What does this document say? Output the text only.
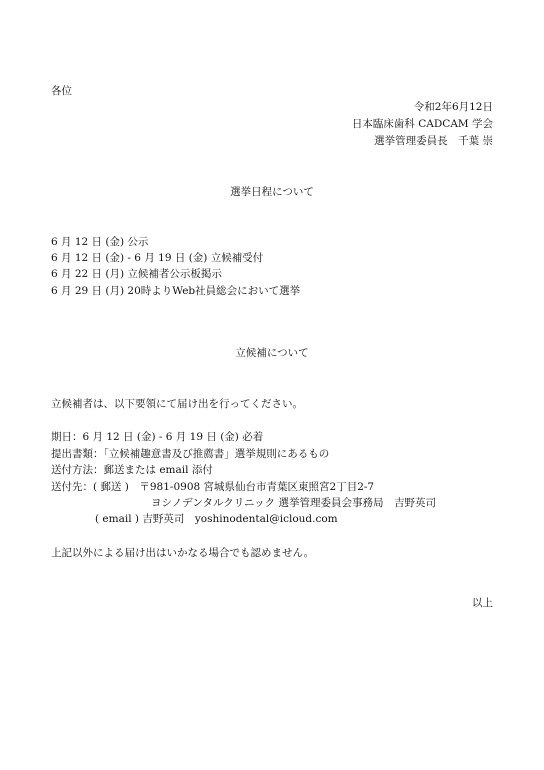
各位
令和2年6月12日
日本臨床歯科 CADCAM 学会
選挙管理委員長　千葉 崇
選挙日程について
6 月 12 日 (金) 公示
6 月 12 日 (金) - 6 月 19 日 (金) 立候補受付
6 月 22 日 (月) 立候補者公示板掲示
6 月 29 日 (月) 20時よりWeb社員総会において選挙
立候補について
立候補者は、以下要領にて届け出を行ってください。
期日：6 月 12 日 (金) - 6 月 19 日 (金) 必着
提出書類：「立候補趣意書及び推薦書」選挙規則にあるもの
送付方法：郵送または email 添付
送付先：( 郵送 )　〒981-0908 宮城県仙台市青葉区東照宮2丁目2-7
ヨシノデンタルクリニック 選挙管理委員会事務局　吉野英司
( email ) 吉野英司　yoshinodental@icloud.com
上記以外による届け出はいかなる場合でも認めません。
以上
